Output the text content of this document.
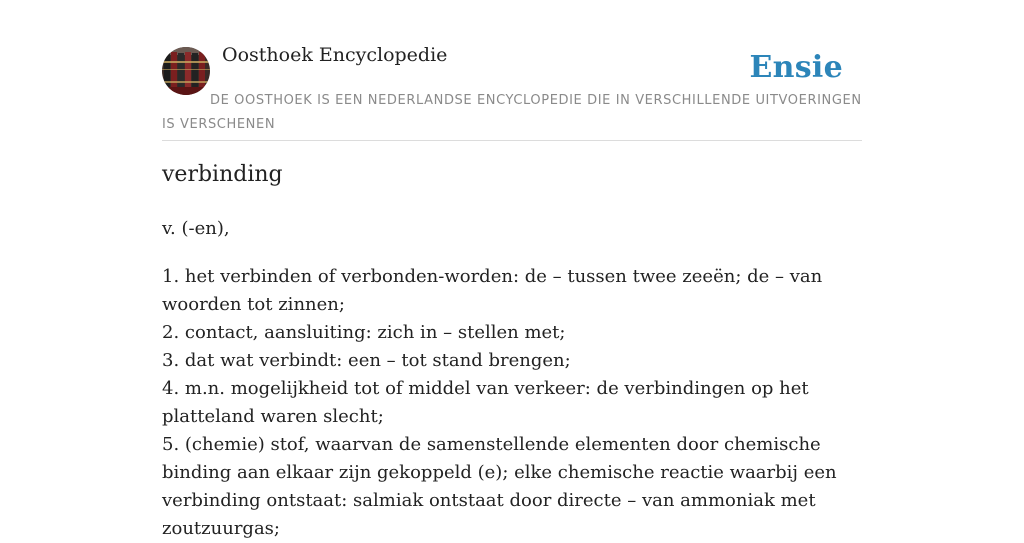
Oosthoek Encyclopedie	Ensie
DE OOSTHOEK IS EEN NEDERLANDSE ENCYCLOPEDIE DIE IN VERSCHILLENDE UITVOERINGEN IS VERSCHENEN
verbinding
v. (-en),
1. het verbinden of verbonden-worden: de – tussen twee zeeën; de – van woorden tot zinnen;
2. contact, aansluiting: zich in – stellen met;
3. dat wat verbindt: een – tot stand brengen;
4. m.n. mogelijkheid tot of middel van verkeer: de verbindingen op het platteland waren slecht;
5. (chemie) stof, waarvan de samenstellende elementen door chemische binding aan elkaar zijn gekoppeld (e); elke chemische reactie waarbij een verbinding ontstaat: salmiak ontstaat door directe – van ammoniak met zoutzuurgas;
